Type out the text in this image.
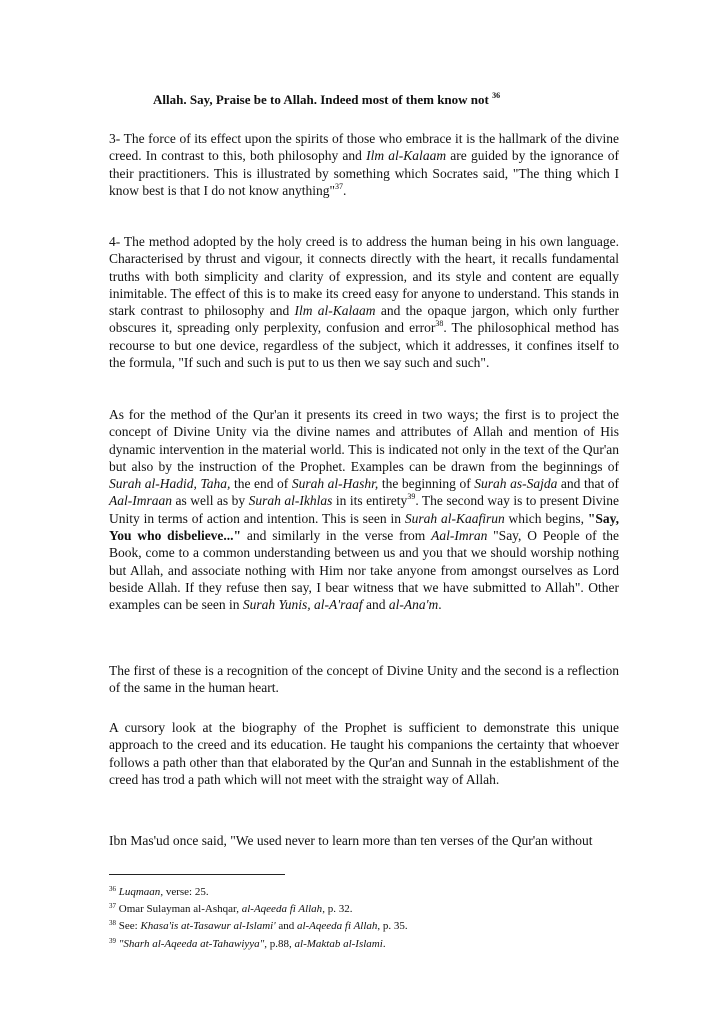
Allah. Say, Praise be to Allah. Indeed most of them know not $^{36}$

3- The force of its effect upon the spirits of those who embrace it is the hallmark of the divine creed. In contrast to this, both philosophy and Ilm al-Kalaam are guided by the ignorance of their practitioners. This is illustrated by something which Socrates said, "The thing which I know best is that I do not know anything"$^{37}$.

4- The method adopted by the holy creed is to address the human being in his own language. Characterised by thrust and vigour, it connects directly with the heart, it recalls fundamental truths with both simplicity and clarity of expression, and its style and content are equally inimitable. The effect of this is to make its creed easy for anyone to understand. This stands in stark contrast to philosophy and Ilm al-Kalaam and the opaque jargon, which only further obscures it, spreading only perplexity, confusion and error$^{38}$. The philosophical method has recourse to but one device, regardless of the subject, which it addresses, it confines itself to the formula, "If such and such is put to us then we say such and such".

As for the method of the Qur'an it presents its creed in two ways; the first is to project the concept of Divine Unity via the divine names and attributes of Allah and mention of His dynamic intervention in the material world. This is indicated not only in the text of the Qur'an but also by the instruction of the Prophet. Examples can be drawn from the beginnings of Surah al-Hadid, Taha, the end of Surah al-Hashr, the beginning of Surah as-Sajda and that of Aal-Imraan as well as by Surah al-Ikhlas in its entirety$^{39}$. The second way is to present Divine Unity in terms of action and intention. This is seen in Surah al-Kaafirun which begins, "Say, You who disbelieve..." and similarly in the verse from Aal-Imran "Say, O People of the Book, come to a common understanding between us and you that we should worship nothing but Allah, and associate nothing with Him nor take anyone from amongst ourselves as Lord beside Allah. If they refuse then say, I bear witness that we have submitted to Allah". Other examples can be seen in Surah Yunis, al-A'raaf and al-Ana'm.

The first of these is a recognition of the concept of Divine Unity and the second is a reflection of the same in the human heart.

A cursory look at the biography of the Prophet is sufficient to demonstrate this unique approach to the creed and its education. He taught his companions the certainty that whoever follows a path other than that elaborated by the Qur'an and Sunnah in the establishment of the creed has trod a path which will not meet with the straight way of Allah.

Ibn Mas'ud once said, "We used never to learn more than ten verses of the Qur'an without

$^{36}$ Luqmaan, verse: 25.
$^{37}$ Omar Sulayman al-Ashqar, al-Aqeeda fi Allah, p. 32.
$^{38}$ See: Khasa'is at-Tasawur al-Islami' and al-Aqeeda fi Allah, p. 35.
$^{39}$ "Sharh al-Aqeeda at-Tahawiyya", p.88, al-Maktab al-Islami.
